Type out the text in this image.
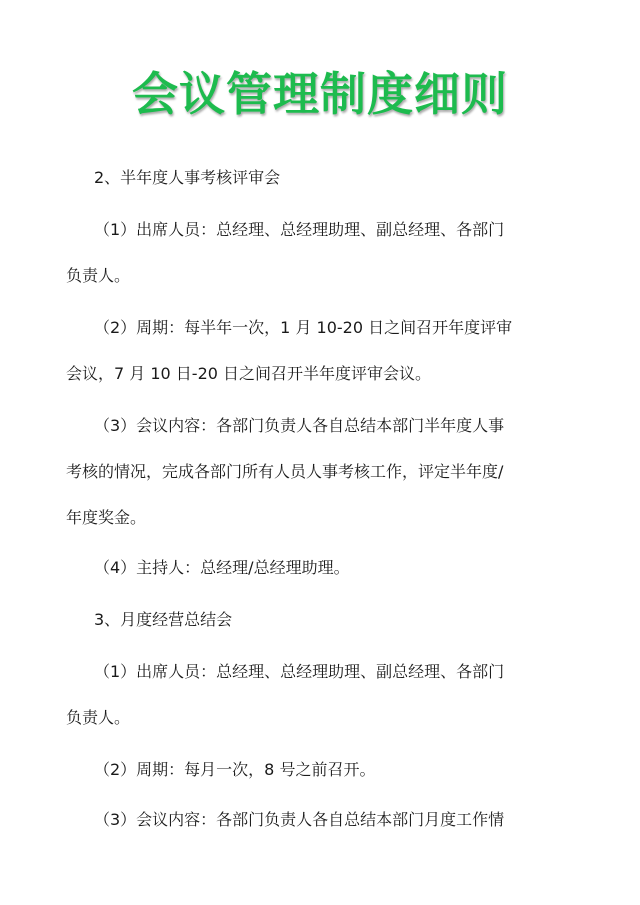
会议管理制度细则
2、半年度人事考核评审会
（1）出席人员：总经理、总经理助理、副总经理、各部门
负责人。
（2）周期：每半年一次，1 月 10-20 日之间召开年度评审
会议，7 月 10 日-20 日之间召开半年度评审会议。
（3）会议内容：各部门负责人各自总结本部门半年度人事
考核的情况，完成各部门所有人员人事考核工作，评定半年度/
年度奖金。
（4）主持人：总经理/总经理助理。
3、月度经营总结会
（1）出席人员：总经理、总经理助理、副总经理、各部门
负责人。
（2）周期：每月一次，8 号之前召开。
（3）会议内容：各部门负责人各自总结本部门月度工作情
